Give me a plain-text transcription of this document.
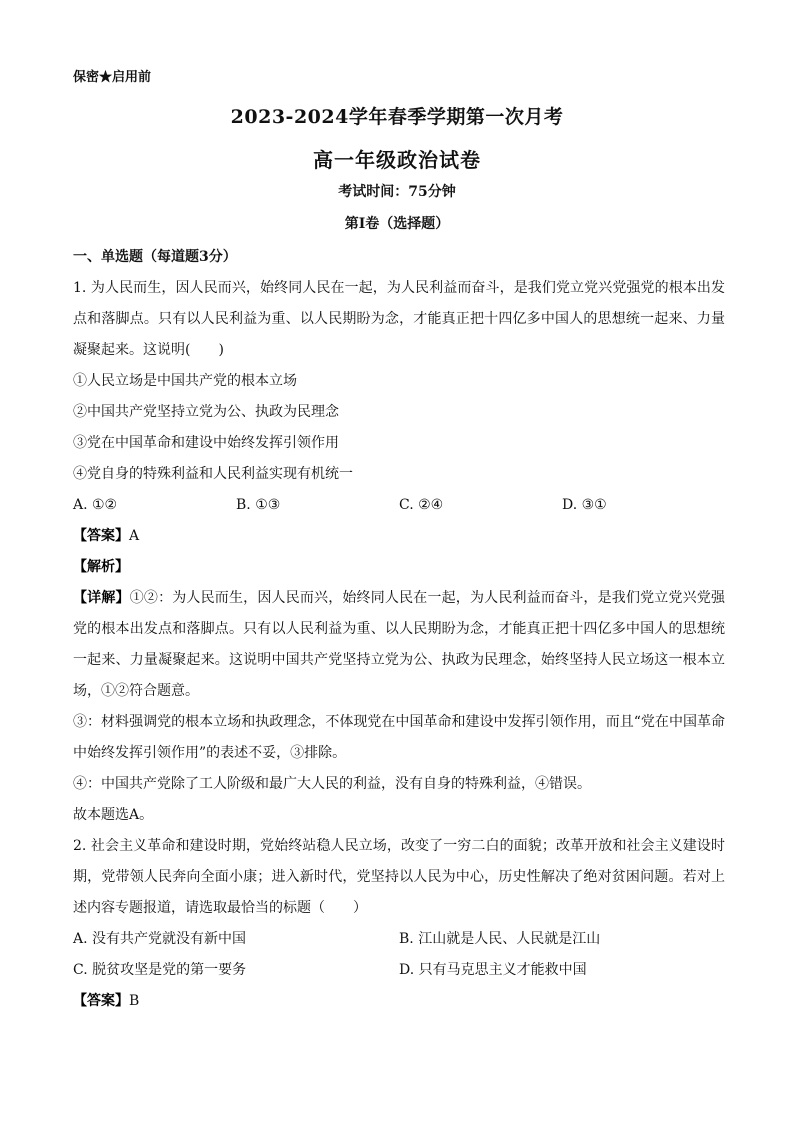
保密★启用前
2023-2024学年春季学期第一次月考
高一年级政治试卷
考试时间：75分钟
第I卷（选择题）
一、单选题（每道题3分）
1. 为人民而生，因人民而兴，始终同人民在一起，为人民利益而奋斗，是我们党立党兴党强党的根本出发点和落脚点。只有以人民利益为重、以人民期盼为念，才能真正把十四亿多中国人的思想统一起来、力量凝聚起来。这说明(　　)
①人民立场是中国共产党的根本立场
②中国共产党坚持立党为公、执政为民理念
③党在中国革命和建设中始终发挥引领作用
④党自身的特殊利益和人民利益实现有机统一
A. ①②	B. ①③	C. ②④	D. ③①
【答案】A
【解析】
【详解】①②：为人民而生，因人民而兴，始终同人民在一起，为人民利益而奋斗，是我们党立党兴党强党的根本出发点和落脚点。只有以人民利益为重、以人民期盼为念，才能真正把十四亿多中国人的思想统一起来、力量凝聚起来。这说明中国共产党坚持立党为公、执政为民理念，始终坚持人民立场这一根本立场，①②符合题意。
③：材料强调党的根本立场和执政理念，不体现党在中国革命和建设中发挥引领作用，而且“党在中国革命中始终发挥引领作用”的表述不妥，③排除。
④：中国共产党除了工人阶级和最广大人民的利益，没有自身的特殊利益，④错误。
故本题选A。
2. 社会主义革命和建设时期，党始终站稳人民立场，改变了一穷二白的面貌；改革开放和社会主义建设时期，党带领人民奔向全面小康；进入新时代，党坚持以人民为中心，历史性解决了绝对贫困问题。若对上述内容专题报道，请选取最恰当的标题（　　）
A. 没有共产党就没有新中国	B. 江山就是人民、人民就是江山
C. 脱贫攻坚是党的第一要务	D. 只有马克思主义才能救中国
【答案】B
